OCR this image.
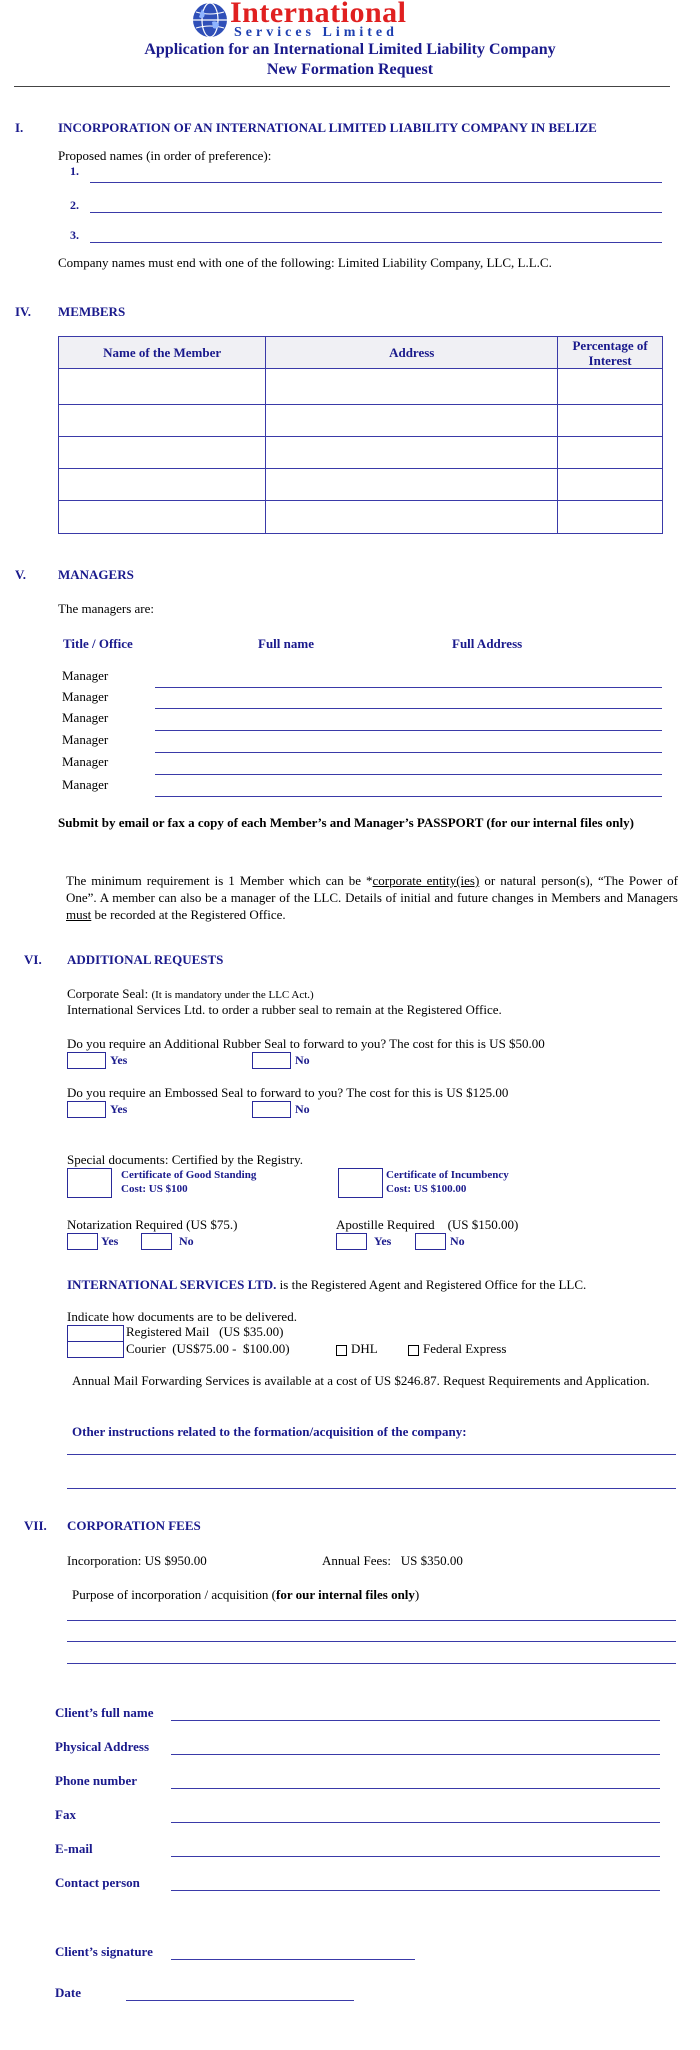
International
Services Limited
Application for an International Limited Liability Company
New Formation Request
I.	INCORPORATION OF AN INTERNATIONAL LIMITED LIABILITY COMPANY IN BELIZE
Proposed names (in order of preference):
1.
2.
3.
Company names must end with one of the following: Limited Liability Company, LLC, L.L.C.
IV. MEMBERS
Name of the Member	Address	Percentage of
Interest

V. MANAGERS
The managers are:
Title / Office	Full name	Full Address
Manager
Manager
Manager
Manager
Manager
Manager
Submit by email or fax a copy of each Member’s and Manager’s PASSPORT (for our internal files only)
The minimum requirement is 1 Member which can be *corporate entity(ies) or natural person(s), “The Power of One”. A member can also be a manager of the LLC. Details of initial and future changes in Members and Managers must be recorded at the Registered Office.
VI. ADDITIONAL REQUESTS
Corporate Seal: (It is mandatory under the LLC Act.)
International Services Ltd. to order a rubber seal to remain at the Registered Office.
Do you require an Additional Rubber Seal to forward to you? The cost for this is US $50.00
Yes	No
Do you require an Embossed Seal to forward to you? The cost for this is US $125.00
Yes	No
Special documents: Certified by the Registry.
Certificate of Good Standing
Cost: US $100
Certificate of Incumbency
Cost: US $100.00
Notarization Required (US $75.)
Yes	No
Apostille Required    (US $150.00)
Yes	No
INTERNATIONAL SERVICES LTD. is the Registered Agent and Registered Office for the LLC.
Indicate how documents are to be delivered.
Registered Mail   (US $35.00)
Courier  (US$75.00 -  $100.00)	DHL	Federal Express
Annual Mail Forwarding Services is available at a cost of US $246.87. Request Requirements and Application.
Other instructions related to the formation/acquisition of the company:
VII. CORPORATION FEES
Incorporation: US $950.00	Annual Fees:   US $350.00
Purpose of incorporation / acquisition (for our internal files only)
Client’s full name
Physical Address
Phone number
Fax
E-mail
Contact person
Client’s signature
Date
